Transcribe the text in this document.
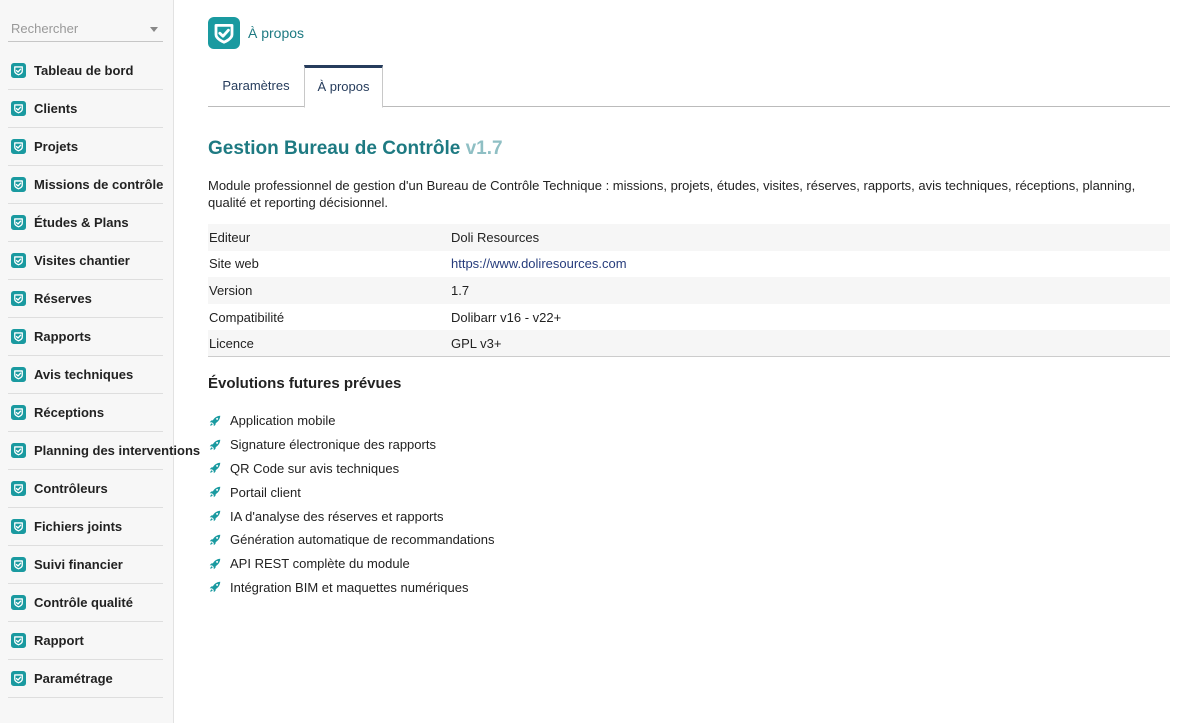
Rechercher
Tableau de bord
Clients
Projets
Missions de contrôle
Études & Plans
Visites chantier
Réserves
Rapports
Avis techniques
Réceptions
Planning des interventions
Contrôleurs
Fichiers joints
Suivi financier
Contrôle qualité
Rapport
Paramétrage
À propos
Paramètres	À propos
Gestion Bureau de Contrôle v1.7
Module professionnel de gestion d'un Bureau de Contrôle Technique : missions, projets, études, visites, réserves, rapports, avis techniques, réceptions, planning, qualité et reporting décisionnel.
Editeur	Doli Resources
Site web	https://www.doliresources.com
Version	1.7
Compatibilité	Dolibarr v16 - v22+
Licence	GPL v3+
Évolutions futures prévues
Application mobile
Signature électronique des rapports
QR Code sur avis techniques
Portail client
IA d'analyse des réserves et rapports
Génération automatique de recommandations
API REST complète du module
Intégration BIM et maquettes numériques
